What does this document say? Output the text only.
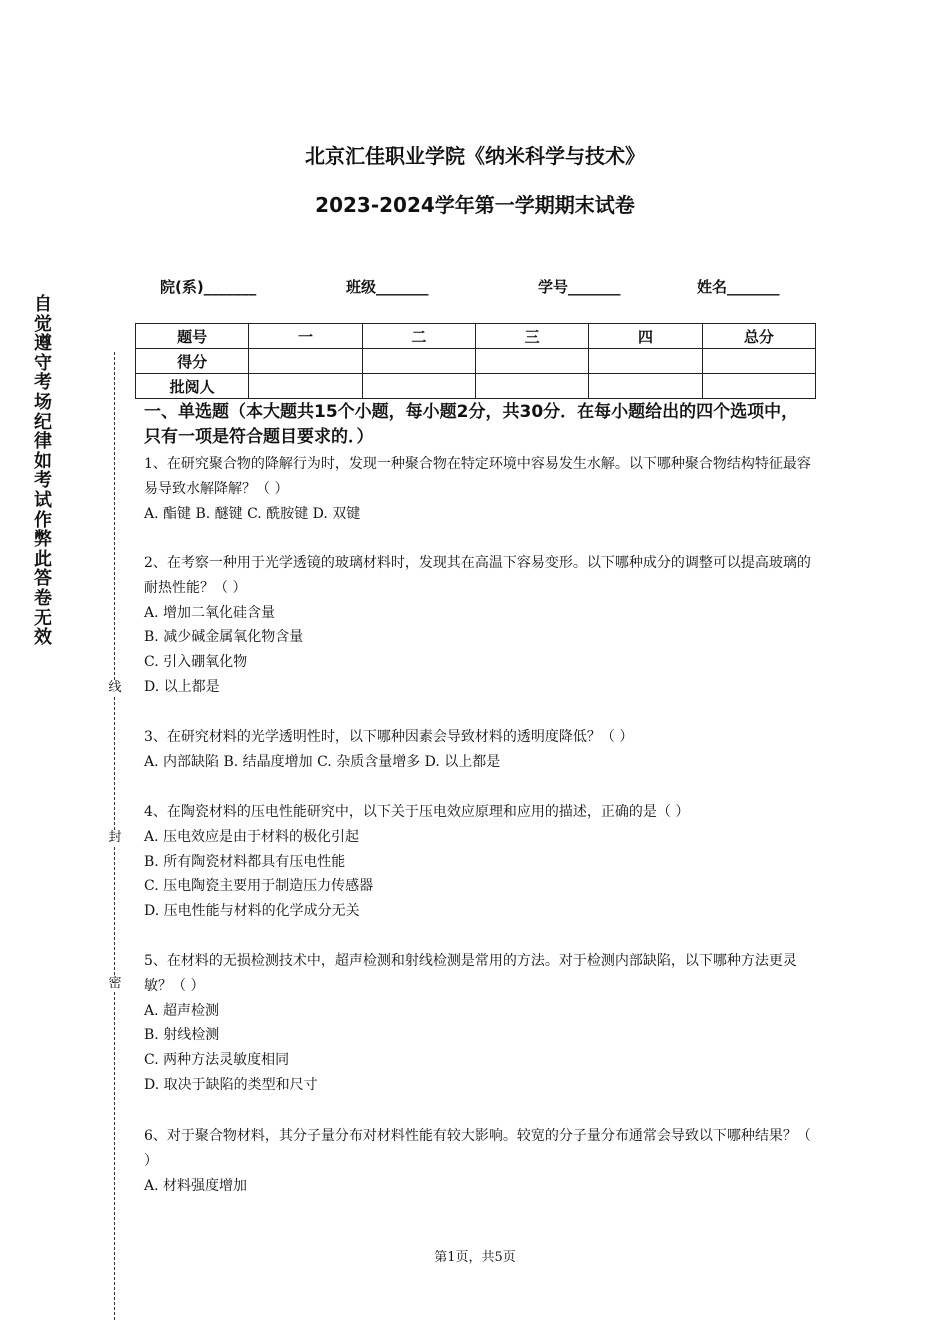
自觉遵守考场纪律如考试作弊此答卷无效
线
封
密
北京汇佳职业学院《纳米科学与技术》
2023-2024学年第一学期期末试卷
院(系)_______	班级_______	学号_______	姓名_______
题号	一	二	三	四	总分
得分					
批阅人					
一、单选题（本大题共15个小题，每小题2分，共30分．在每小题给出的四个选项中，只有一项是符合题目要求的．）

1、在研究聚合物的降解行为时，发现一种聚合物在特定环境中容易发生水解。以下哪种聚合物结构特征最容易导致水解降解？（ ）

A. 酯键 B. 醚键 C. 酰胺键 D. 双键

2、在考察一种用于光学透镜的玻璃材料时，发现其在高温下容易变形。以下哪种成分的调整可以提高玻璃的耐热性能？（ ）

A. 增加二氧化硅含量

B. 减少碱金属氧化物含量

C. 引入硼氧化物

D. 以上都是

3、在研究材料的光学透明性时，以下哪种因素会导致材料的透明度降低？（ ）

A. 内部缺陷 B. 结晶度增加 C. 杂质含量增多 D. 以上都是

4、在陶瓷材料的压电性能研究中，以下关于压电效应原理和应用的描述，正确的是（ ）

A. 压电效应是由于材料的极化引起

B. 所有陶瓷材料都具有压电性能

C. 压电陶瓷主要用于制造压力传感器

D. 压电性能与材料的化学成分无关

5、在材料的无损检测技术中，超声检测和射线检测是常用的方法。对于检测内部缺陷，以下哪种方法更灵敏？（ ）

A. 超声检测

B. 射线检测

C. 两种方法灵敏度相同

D. 取决于缺陷的类型和尺寸

6、对于聚合物材料，其分子量分布对材料性能有较大影响。较宽的分子量分布通常会导致以下哪种结果？（ ）

A. 材料强度增加

第1页，共5页
